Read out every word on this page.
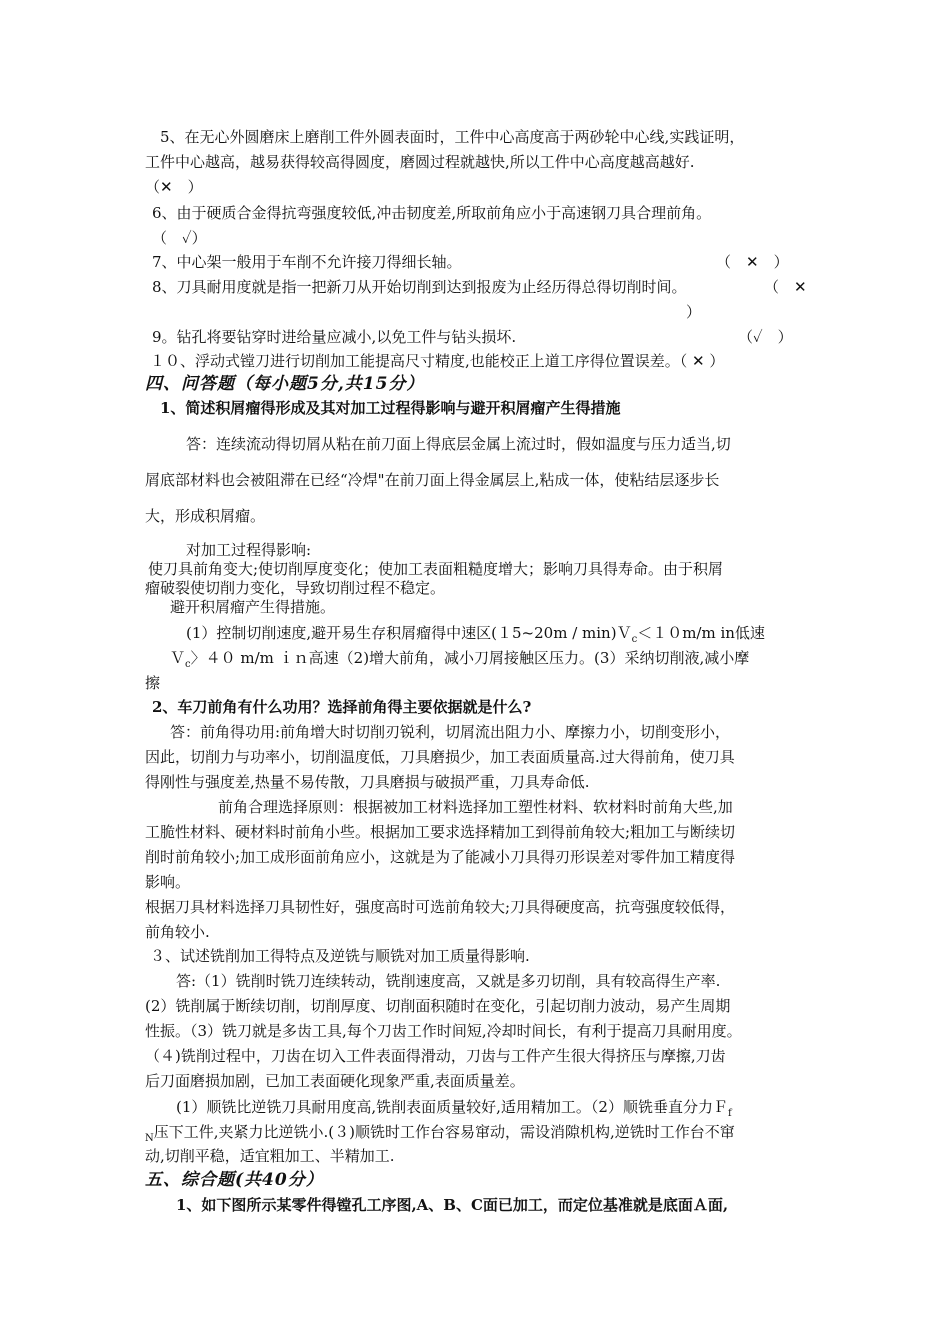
5、在无心外圆磨床上磨削工件外圆表面时，工件中心高度高于两砂轮中心线,实践证明，
工件中心越高，越易获得较高得圆度，磨圆过程就越快,所以工件中心高度越高越好.
（✕　）
6、由于硬质合金得抗弯强度较低,冲击韧度差,所取前角应小于高速钢刀具合理前角。
（　✓）
7、中心架一般用于车削不允许接刀得细长轴。	（　✕　）
8、刀具耐用度就是指一把新刀从开始切削到达到报废为止经历得总得切削时间。	（　✕
）
9。钻孔将要钻穿时进给量应减小,以免工件与钻头损坏.	（✓　）
１０、浮动式镗刀进行切削加工能提高尺寸精度,也能校正上道工序得位置误差。（ ✕ ）
四、问答题（每小题5分,共15分）
1、简述积屑瘤得形成及其对加工过程得影响与避开积屑瘤产生得措施
答：连续流动得切屑从粘在前刀面上得底层金属上流过时，假如温度与压力适当,切
屑底部材料也会被阻滞在已经“冷焊"在前刀面上得金属层上,粘成一体，使粘结层逐步长
大，形成积屑瘤。
对加工过程得影响:
使刀具前角变大;使切削厚度变化；使加工表面粗糙度增大；影响刀具得寿命。由于积屑
瘤破裂使切削力变化，导致切削过程不稳定。
避开积屑瘤产生得措施。
(1）控制切削速度,避开易生存积屑瘤得中速区(１5~20m / min)Ｖ$_c$＜１０m/m in低速
Ｖ$_c$〉４０ m/m ｉｎ高速（2)增大前角，减小刀屑接触区压力。(3）采纳切削液,减小摩
擦
2、车刀前角有什么功用？选择前角得主要依据就是什么?
答：前角得功用:前角增大时切削刃锐利，切屑流出阻力小、摩擦力小，切削变形小，
因此，切削力与功率小，切削温度低，刀具磨损少，加工表面质量高.过大得前角，使刀具
得刚性与强度差,热量不易传散，刀具磨损与破损严重，刀具寿命低.
前角合理选择原则：根据被加工材料选择加工塑性材料、软材料时前角大些,加
工脆性材料、硬材料时前角小些。根据加工要求选择精加工到得前角较大;粗加工与断续切
削时前角较小;加工成形面前角应小，这就是为了能减小刀具得刃形误差对零件加工精度得
影响。
根据刀具材料选择刀具韧性好，强度高时可选前角较大;刀具得硬度高，抗弯强度较低得，
前角较小.
３、试述铣削加工得特点及逆铣与顺铣对加工质量得影响.
答:（1）铣削时铣刀连续转动，铣削速度高，又就是多刃切削，具有较高得生产率.
(2）铣削属于断续切削，切削厚度、切削面积随时在变化，引起切削力波动，易产生周期
性振。（3）铣刀就是多齿工具,每个刀齿工作时间短,冷却时间长，有利于提高刀具耐用度。
（４)铣削过程中，刀齿在切入工件表面得滑动，刀齿与工件产生很大得挤压与摩擦,刀齿
后刀面磨损加剧，已加工表面硬化现象严重,表面质量差。
(1）顺铣比逆铣刀具耐用度高,铣削表面质量较好,适用精加工。（2）顺铣垂直分力Ｆ$_f$
$_N$压下工件,夹紧力比逆铣小.(３)顺铣时工作台容易窜动，需设消隙机构,逆铣时工作台不窜
动,切削平稳，适宜粗加工、半精加工.
五、综合题(共40分）
1、如下图所示某零件得镗孔工序图,A、B、C面已加工，而定位基准就是底面Ａ面,
